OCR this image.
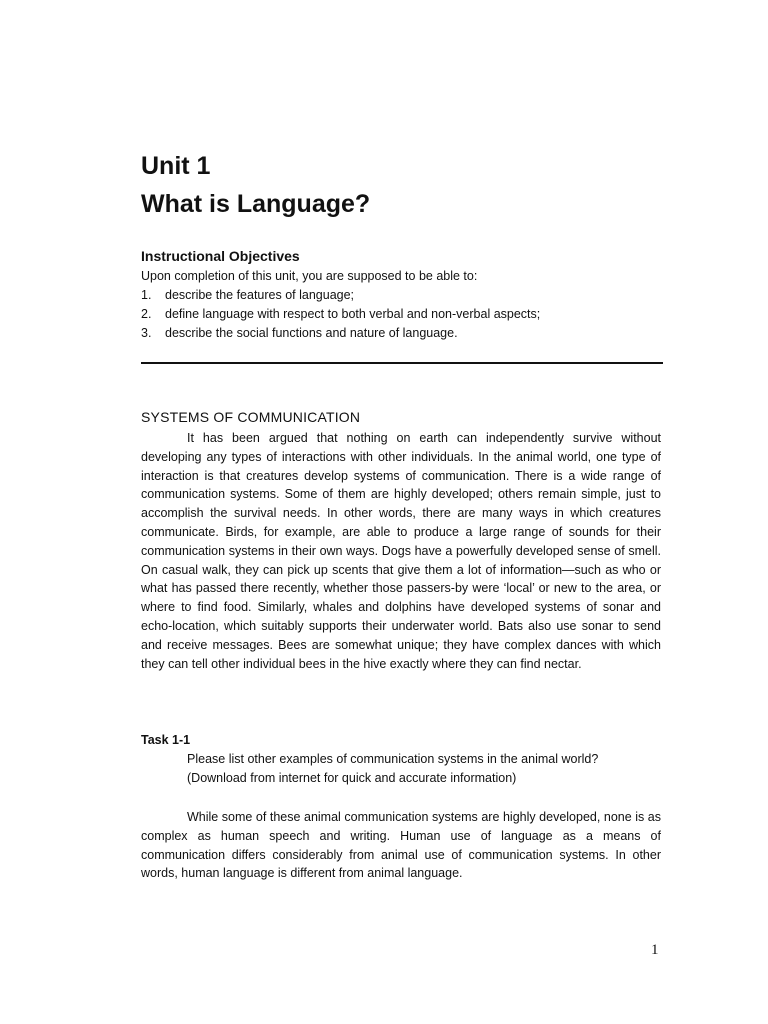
Unit 1
What is Language?

Instructional Objectives

Upon completion of this unit, you are supposed to be able to:

1.	describe the features of language;
2.	define language with respect to both verbal and non-verbal aspects;
3.	describe the social functions and nature of language.

SYSTEMS OF COMMUNICATION

It has been argued that nothing on earth can independently survive without developing any types of interactions with other individuals. In the animal world, one type of interaction is that creatures develop systems of communication. There is a wide range of communication systems. Some of them are highly developed; others remain simple, just to accomplish the survival needs. In other words, there are many ways in which creatures communicate. Birds, for example, are able to produce a large range of sounds for their communication systems in their own ways. Dogs have a powerfully developed sense of smell. On casual walk, they can pick up scents that give them a lot of information—such as who or what has passed there recently, whether those passers-by were ‘local’ or new to the area, or where to find food. Similarly, whales and dolphins have developed systems of sonar and echo-location, which suitably supports their underwater world. Bats also use sonar to send and receive messages. Bees are somewhat unique; they have complex dances with which they can tell other individual bees in the hive exactly where they can find nectar.

Task 1-1

Please list other examples of communication systems in the animal world?

(Download from internet for quick and accurate information)

While some of these animal communication systems are highly developed, none is as complex as human speech and writing. Human use of language as a means of communication differs considerably from animal use of communication systems. In other words, human language is different from animal language.

1
